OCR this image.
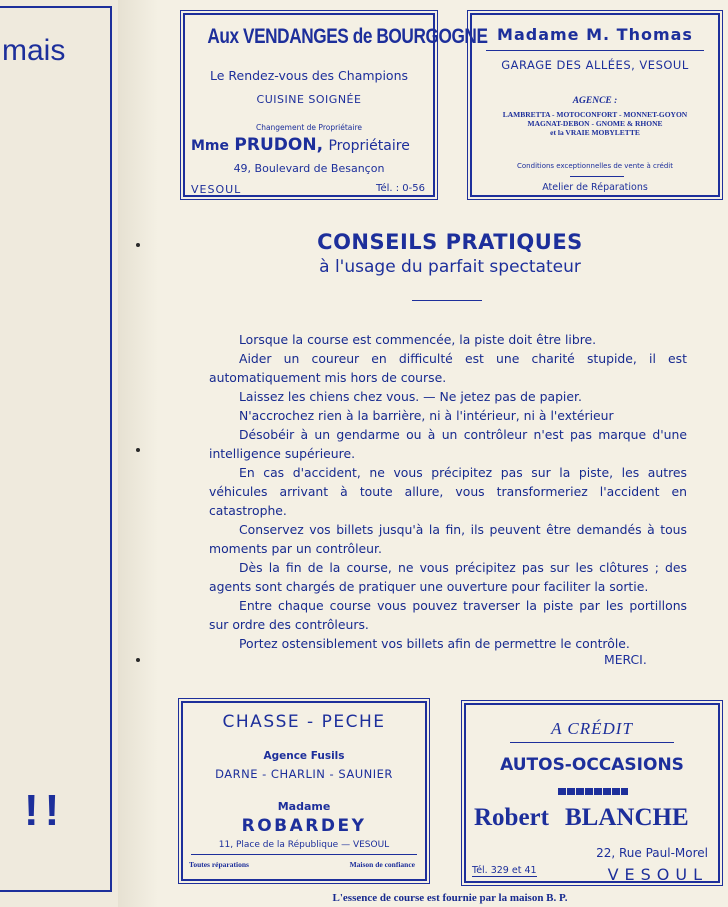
mais
!!
Aux VENDANGES de BOURGOGNE
Le Rendez-vous des Champions
CUISINE SOIGNÉE
Changement de Propriétaire
Mme PRUDON, Propriétaire
49, Boulevard de Besançon
VESOUL	Tél. : 0-56
Madame M. Thomas
GARAGE DES ALLÉES, VESOUL
AGENCE :
LAMBRETTA - MOTOCONFORT - MONNET-GOYON
MAGNAT-DEBON - GNOME & RHONE
et la VRAIE MOBYLETTE
Conditions exceptionnelles de vente à crédit
Atelier de Réparations
CONSEILS PRATIQUES
à l'usage du parfait spectateur

Lorsque la course est commencée, la piste doit être libre.

Aider un coureur en difficulté est une charité stupide, il est automatiquement mis hors de course.

Laissez les chiens chez vous. — Ne jetez pas de papier.

N'accrochez rien à la barrière, ni à l'intérieur, ni à l'extérieur

Désobéir à un gendarme ou à un contrôleur n'est pas marque d'une intelligence supérieure.

En cas d'accident, ne vous précipitez pas sur la piste, les autres véhicules arrivant à toute allure, vous transformeriez l'accident en catastrophe.

Conservez vos billets jusqu'à la fin, ils peuvent être demandés à tous moments par un contrôleur.

Dès la fin de la course, ne vous précipitez pas sur les clôtures ; des agents sont chargés de pratiquer une ouverture pour faciliter la sortie.

Entre chaque course vous pouvez traverser la piste par les portillons sur ordre des contrôleurs.

Portez ostensiblement vos billets afin de permettre le contrôle.

MERCI.
CHASSE - PECHE
Agence Fusils
DARNE - CHARLIN - SAUNIER
Madame
ROBARDEY
11, Place de la République — VESOUL
Toutes réparations	Maison de confiance
A CRÉDIT
AUTOS-OCCASIONS
Robert BLANCHE
22, Rue Paul-Morel
Tél. 329 et 41	VESOUL
L'essence de course est fournie par la maison B. P.
